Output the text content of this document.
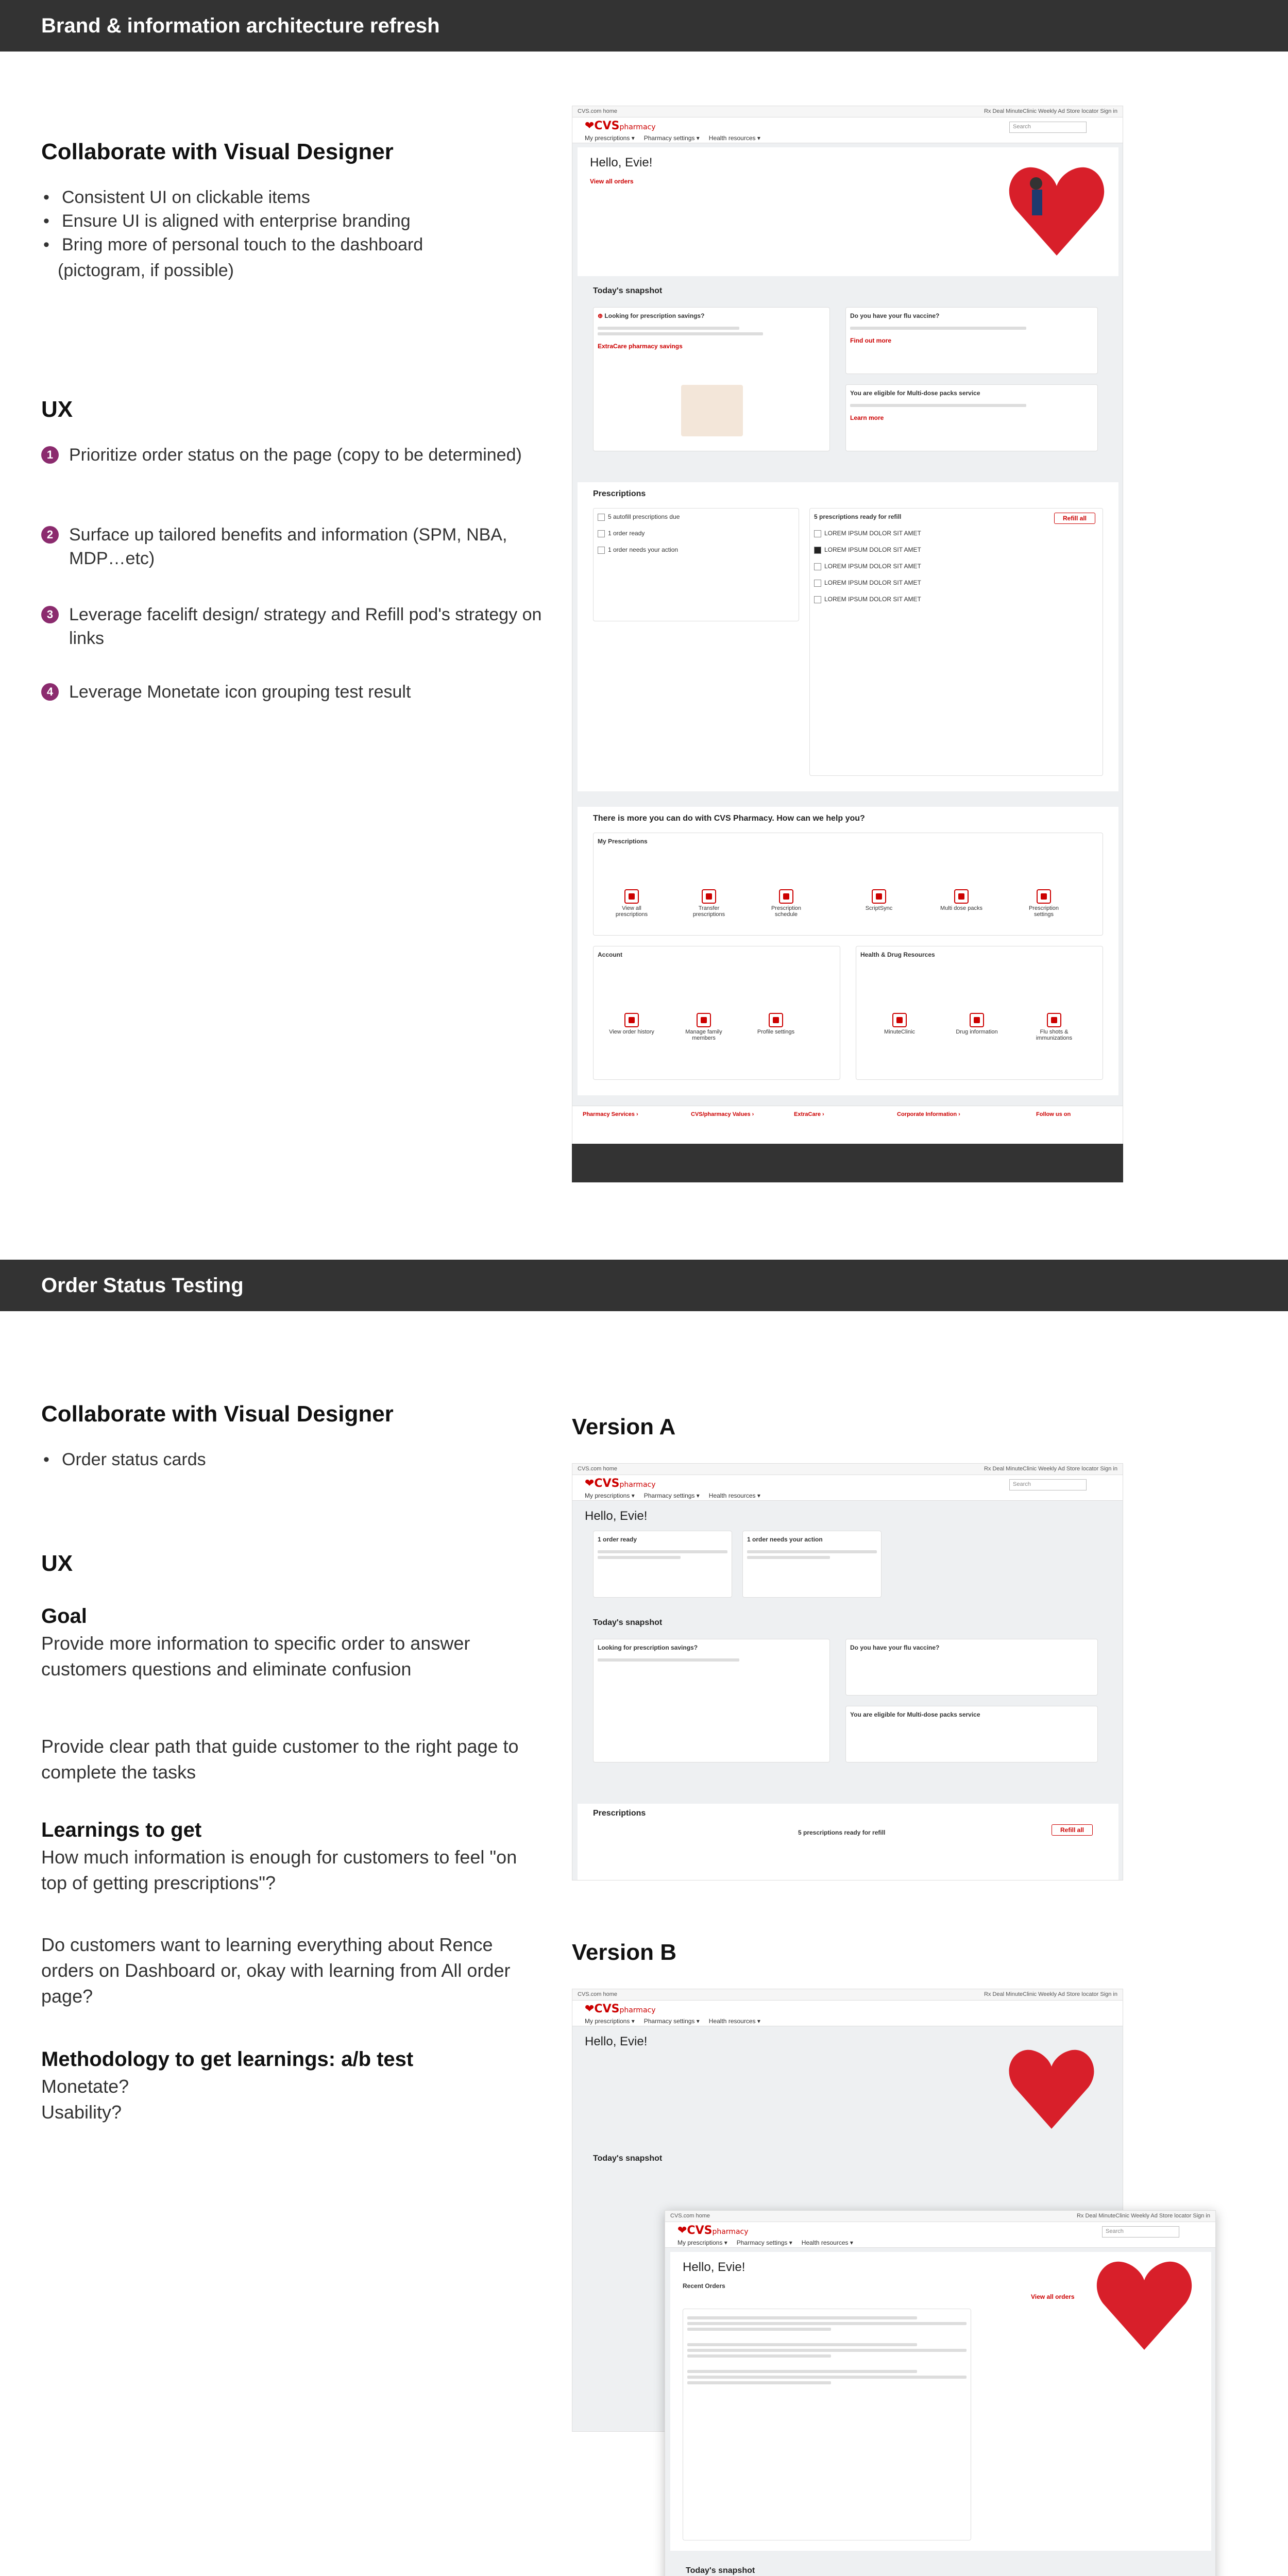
Brand & information architecture refresh
Collaborate with Visual Designer
• Consistent UI on clickable items
• Ensure UI is aligned with enterprise branding
• Bring more of personal touch to the dashboard
(pictogram, if possible)
UX
1 Prioritize order status on the page (copy to be determined)
2 Surface up tailored benefits and information (SPM, NBA, MDP…etc)
3 Leverage facelift design/ strategy and Refill pod's strategy on links
4 Leverage Monetate icon grouping test result
CVS.com home	Rx Deal MinuteClinic Weekly Ad Store locator Sign in
❤CVSpharmacy
My prescriptions ▾ Pharmacy settings ▾ Health resources ▾
Search
Hello, Evie!
View all orders
Today's snapshot
⊕ Looking for prescription savings?
ExtraCare pharmacy savings
Do you have your flu vaccine?
Find out more
You are eligible for Multi-dose packs service
Learn more
Prescriptions
5 autofill prescriptions due
1 order ready
1 order needs your action
5 prescriptions ready for refill	Refill all
LOREM IPSUM DOLOR SIT AMET
LOREM IPSUM DOLOR SIT AMET
LOREM IPSUM DOLOR SIT AMET
LOREM IPSUM DOLOR SIT AMET
LOREM IPSUM DOLOR SIT AMET
There is more you can do with CVS Pharmacy. How can we help you?
My Prescriptions

View all prescriptions

Transfer prescriptions

Prescription schedule

ScriptSync	Multi dose packs	Prescription settings
Account	Health & Drug Resources

View order history	Manage family members

Profile settings	MinuteClinic	Drug information	Flu shots & immunizations
Pharmacy Services ›	CVS/pharmacy Values ›	ExtraCare ›	Corporate Information ›	Follow us on
Order Status Testing
Collaborate with Visual Designer
• Order status cards
UX
Goal
Provide more information to specific order to answer customers questions and eliminate confusion
Provide clear path that guide customer to the right page to complete the tasks
Learnings to get
How much information is enough for customers to feel "on top of getting prescriptions"?
Do customers want to learning everything about Rence orders on Dashboard or, okay with learning from All order page?
Methodology to get learnings: a/b test
Monetate?
Usability?
Version A
CVS.com home	Rx Deal MinuteClinic Weekly Ad Store locator Sign in
❤CVSpharmacy
My prescriptions ▾ Pharmacy settings ▾ Health resources ▾
Search
Hello, Evie!
1 order ready	1 order needs your action
Today's snapshot
Looking for prescription savings?	Do you have your flu vaccine?
You are eligible for Multi-dose packs service
Prescriptions
5 prescriptions ready for refill	Refill all
Version B
CVS.com home	Rx Deal MinuteClinic Weekly Ad Store locator Sign in
❤CVSpharmacy
My prescriptions ▾ Pharmacy settings ▾ Health resources ▾
Hello, Evie!
Today's snapshot
CVS.com home	Rx Deal MinuteClinic Weekly Ad Store locator Sign in
❤CVSpharmacy
My prescriptions ▾ Pharmacy settings ▾ Health resources ▾
Search
Hello, Evie!
Recent Orders
View all orders
Today's snapshot
